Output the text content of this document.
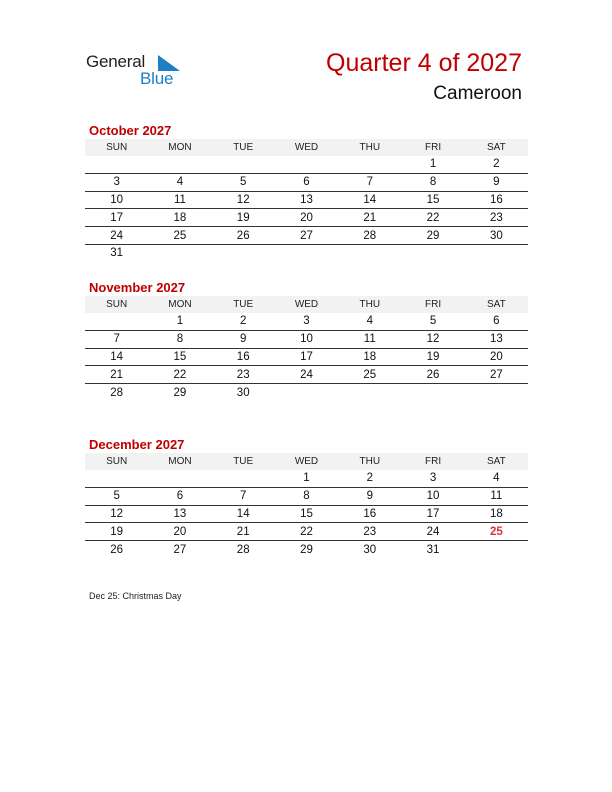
General
Blue
Quarter 4 of 2027
Cameroon
October 2027
SUN	MON	TUE	WED	THU	FRI	SAT
					1	2
3	4	5	6	7	8	9
10	11	12	13	14	15	16
17	18	19	20	21	22	23
24	25	26	27	28	29	30
31						
November 2027
SUN	MON	TUE	WED	THU	FRI	SAT
	1	2	3	4	5	6
7	8	9	10	11	12	13
14	15	16	17	18	19	20
21	22	23	24	25	26	27
28	29	30				
December 2027
SUN	MON	TUE	WED	THU	FRI	SAT
			1	2	3	4
5	6	7	8	9	10	11
12	13	14	15	16	17	18
19	20	21	22	23	24	25
26	27	28	29	30	31	
Dec 25: Christmas Day
